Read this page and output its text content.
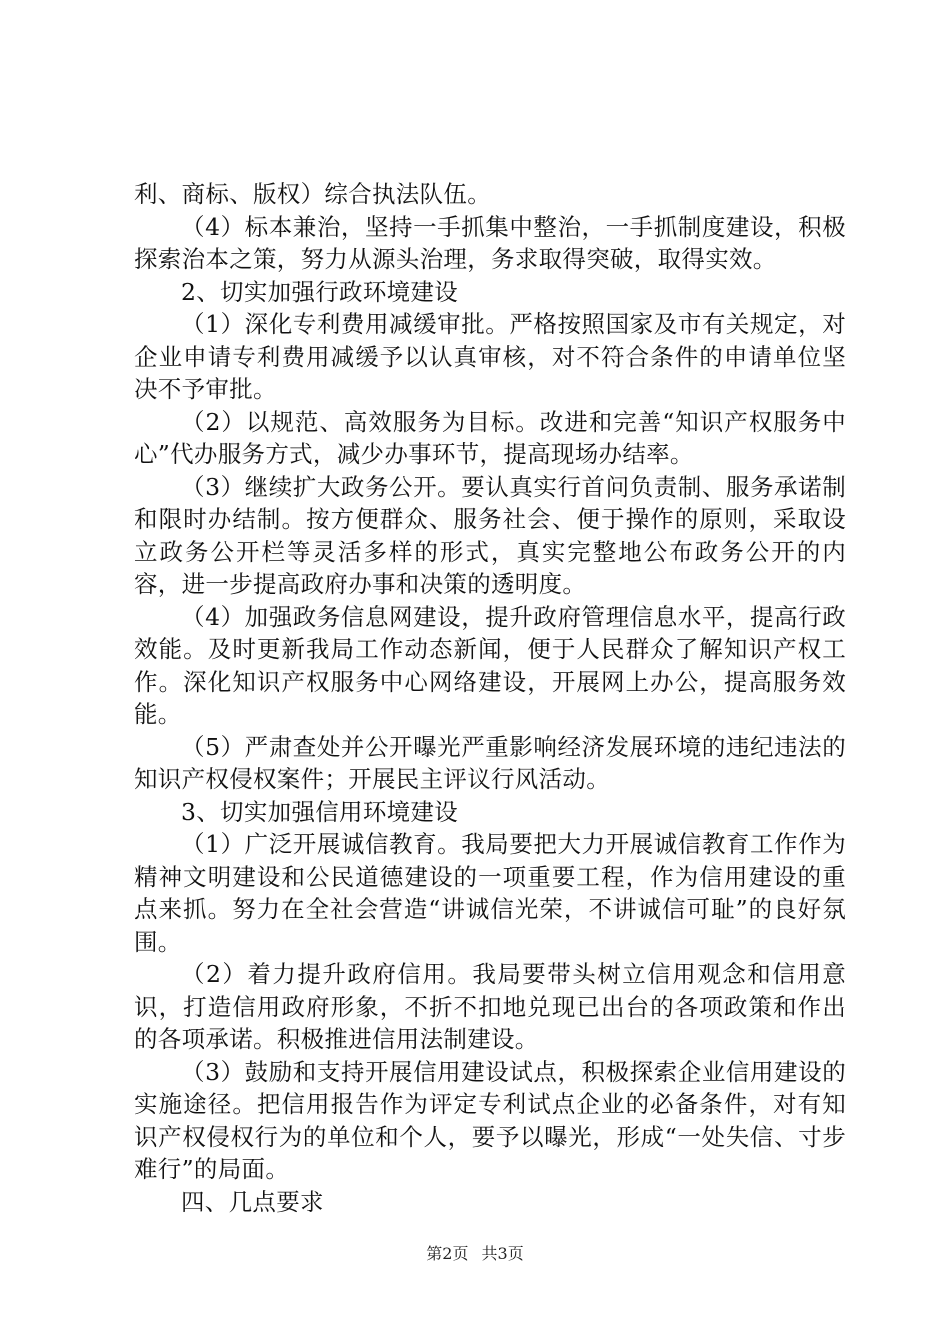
利、商标、版权）综合执法队伍。

（4）标本兼治，坚持一手抓集中整治，一手抓制度建设，积极探索治本之策，努力从源头治理，务求取得突破，取得实效。

2、切实加强行政环境建设

（1）深化专利费用减缓审批。严格按照国家及市有关规定，对企业申请专利费用减缓予以认真审核，对不符合条件的申请单位坚决不予审批。

（2）以规范、高效服务为目标。改进和完善“知识产权服务中心”代办服务方式，减少办事环节，提高现场办结率。

（3）继续扩大政务公开。要认真实行首问负责制、服务承诺制和限时办结制。按方便群众、服务社会、便于操作的原则，采取设立政务公开栏等灵活多样的形式，真实完整地公布政务公开的内容，进一步提高政府办事和决策的透明度。

（4）加强政务信息网建设，提升政府管理信息水平，提高行政效能。及时更新我局工作动态新闻，便于人民群众了解知识产权工作。深化知识产权服务中心网络建设，开展网上办公，提高服务效能。

（5）严肃查处并公开曝光严重影响经济发展环境的违纪违法的知识产权侵权案件；开展民主评议行风活动。

3、切实加强信用环境建设

（1）广泛开展诚信教育。我局要把大力开展诚信教育工作作为精神文明建设和公民道德建设的一项重要工程，作为信用建设的重点来抓。努力在全社会营造“讲诚信光荣，不讲诚信可耻”的良好氛围。

（2）着力提升政府信用。我局要带头树立信用观念和信用意识，打造信用政府形象，不折不扣地兑现已出台的各项政策和作出的各项承诺。积极推进信用法制建设。

（3）鼓励和支持开展信用建设试点，积极探索企业信用建设的实施途径。把信用报告作为评定专利试点企业的必备条件，对有知识产权侵权行为的单位和个人，要予以曝光，形成“一处失信、寸步难行”的局面。

四、几点要求

第2页 共3页
